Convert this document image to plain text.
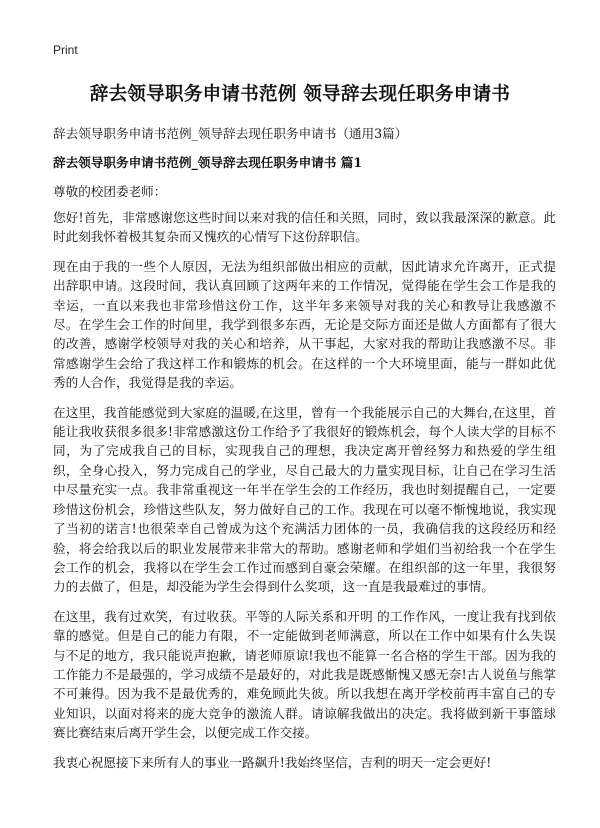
Print
辞去领导职务申请书范例 领导辞去现任职务申请书

辞去领导职务申请书范例_领导辞去现任职务申请书（通用3篇）

辞去领导职务申请书范例_领导辞去现任职务申请书 篇1

尊敬的校团委老师：

您好!首先，非常感谢您这些时间以来对我的信任和关照，同时，致以我最深深的歉意。此时此刻我怀着极其复杂而又愧疚的心情写下这份辞职信。

现在由于我的一些个人原因，无法为组织部做出相应的贡献，因此请求允许离开，正式提出辞职申请。这段时间，我认真回顾了这两年来的工作情况，觉得能在学生会工作是我的幸运，一直以来我也非常珍惜这份工作，这半年多来领导对我的关心和教导让我感激不尽。在学生会工作的时间里，我学到很多东西，无论是交际方面还是做人方面都有了很大的改善，感谢学校领导对我的关心和培养，从干事起，大家对我的帮助让我感激不尽。非常感谢学生会给了我这样工作和锻炼的机会。在这样的一个大环境里面，能与一群如此优秀的人合作，我觉得是我的幸运。

在这里，我首能感觉到大家庭的温暖,在这里，曾有一个我能展示自己的大舞台,在这里，首能让我收获很多很多!非常感激这份工作给予了我很好的锻炼机会，每个人读大学的目标不同，为了完成我自己的目标，实现我自己的理想，我决定离开曾经努力和热爱的学生组织，全身心投入，努力完成自己的学业，尽自己最大的力量实现目标，让自己在学习生活中尽量充实一点。我非常重视这一年半在学生会的工作经历，我也时刻提醒自己，一定要珍惜这份机会，珍惜这些队友，努力做好自己的工作。我现在可以毫不惭愧地说，我实现了当初的诺言!也很荣幸自己曾成为这个充满活力团体的一员，我确信我的这段经历和经验，将会给我以后的职业发展带来非常大的帮助。感谢老师和学姐们当初给我一个在学生会工作的机会，我将以在学生会工作过而感到自豪会荣耀。在组织部的这一年里，我很努力的去做了，但是，却没能为学生会得到什么奖项，这一直是我最难过的事情。

在这里，我有过欢笑，有过收获。平等的人际关系和开明 的工作作风，一度让我有找到依靠的感觉。但是自己的能力有限，不一定能做到老师满意，所以在工作中如果有什么失误与不足的地方，我只能说声抱歉，请老师原谅!我也不能算一名合格的学生干部。因为我的工作能力不是最强的，学习成绩不是最好的，对此我是既感惭愧又感无奈!古人说鱼与熊掌不可兼得。因为我不是最优秀的，难免顾此失彼。所以我想在离开学校前再丰富自己的专业知识，以面对将来的庞大竞争的激流人群。请谅解我做出的决定。我将做到新干事篮球赛比赛结束后离开学生会，以便完成工作交接。

我衷心祝愿接下来所有人的事业一路飙升!我始终坚信，吉利的明天一定会更好!
